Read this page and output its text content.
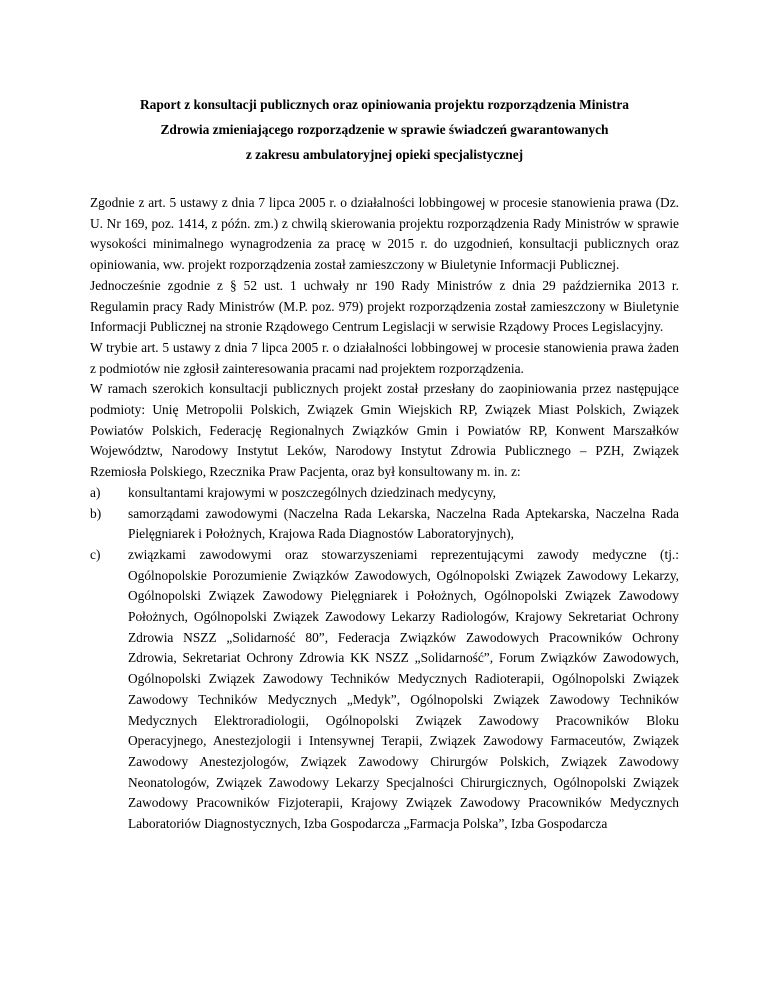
Raport z konsultacji publicznych oraz opiniowania projektu rozporządzenia Ministra
Zdrowia zmieniającego rozporządzenie w sprawie świadczeń gwarantowanych
z zakresu ambulatoryjnej opieki specjalistycznej

Zgodnie z art. 5 ustawy z dnia 7 lipca 2005 r. o działalności lobbingowej w procesie stanowienia prawa (Dz. U. Nr 169, poz. 1414, z późn. zm.) z chwilą skierowania projektu rozporządzenia Rady Ministrów w sprawie wysokości minimalnego wynagrodzenia za pracę w 2015 r. do uzgodnień, konsultacji publicznych oraz opiniowania, ww. projekt rozporządzenia został zamieszczony w Biuletynie Informacji Publicznej.

Jednocześnie zgodnie z § 52 ust. 1 uchwały nr 190 Rady Ministrów z dnia 29 października 2013 r. Regulamin pracy Rady Ministrów (M.P. poz. 979) projekt rozporządzenia został zamieszczony w Biuletynie Informacji Publicznej na stronie Rządowego Centrum Legislacji w serwisie Rządowy Proces Legislacyjny.

W trybie art. 5 ustawy z dnia 7 lipca 2005 r. o działalności lobbingowej w procesie stanowienia prawa żaden z podmiotów nie zgłosił zainteresowania pracami nad projektem rozporządzenia.

W ramach szerokich konsultacji publicznych projekt został przesłany do zaopiniowania przez następujące podmioty: Unię Metropolii Polskich, Związek Gmin Wiejskich RP, Związek Miast Polskich, Związek Powiatów Polskich, Federację Regionalnych Związków Gmin i Powiatów RP, Konwent Marszałków Województw, Narodowy Instytut Leków, Narodowy Instytut Zdrowia Publicznego – PZH, Związek Rzemiosła Polskiego, Rzecznika Praw Pacjenta, oraz był konsultowany m. in. z:

a) konsultantami krajowymi w poszczególnych dziedzinach medycyny,
b) samorządami zawodowymi (Naczelna Rada Lekarska, Naczelna Rada Aptekarska, Naczelna Rada Pielęgniarek i Położnych, Krajowa Rada Diagnostów Laboratoryjnych),
c) związkami zawodowymi oraz stowarzyszeniami reprezentującymi zawody medyczne (tj.: Ogólnopolskie Porozumienie Związków Zawodowych, Ogólnopolski Związek Zawodowy Lekarzy, Ogólnopolski Związek Zawodowy Pielęgniarek i Położnych, Ogólnopolski Związek Zawodowy Położnych, Ogólnopolski Związek Zawodowy Lekarzy Radiologów, Krajowy Sekretariat Ochrony Zdrowia NSZZ „Solidarność 80”, Federacja Związków Zawodowych Pracowników Ochrony Zdrowia, Sekretariat Ochrony Zdrowia KK NSZZ „Solidarność”, Forum Związków Zawodowych, Ogólnopolski Związek Zawodowy Techników Medycznych Radioterapii, Ogólnopolski Związek Zawodowy Techników Medycznych „Medyk”, Ogólnopolski Związek Zawodowy Techników Medycznych Elektroradiologii, Ogólnopolski Związek Zawodowy Pracowników Bloku Operacyjnego, Anestezjologii i Intensywnej Terapii, Związek Zawodowy Farmaceutów, Związek Zawodowy Anestezjologów, Związek Zawodowy Chirurgów Polskich, Związek Zawodowy Neonatologów, Związek Zawodowy Lekarzy Specjalności Chirurgicznych, Ogólnopolski Związek Zawodowy Pracowników Fizjoterapii, Krajowy Związek Zawodowy Pracowników Medycznych Laboratoriów Diagnostycznych, Izba Gospodarcza „Farmacja Polska”, Izba Gospodarcza
